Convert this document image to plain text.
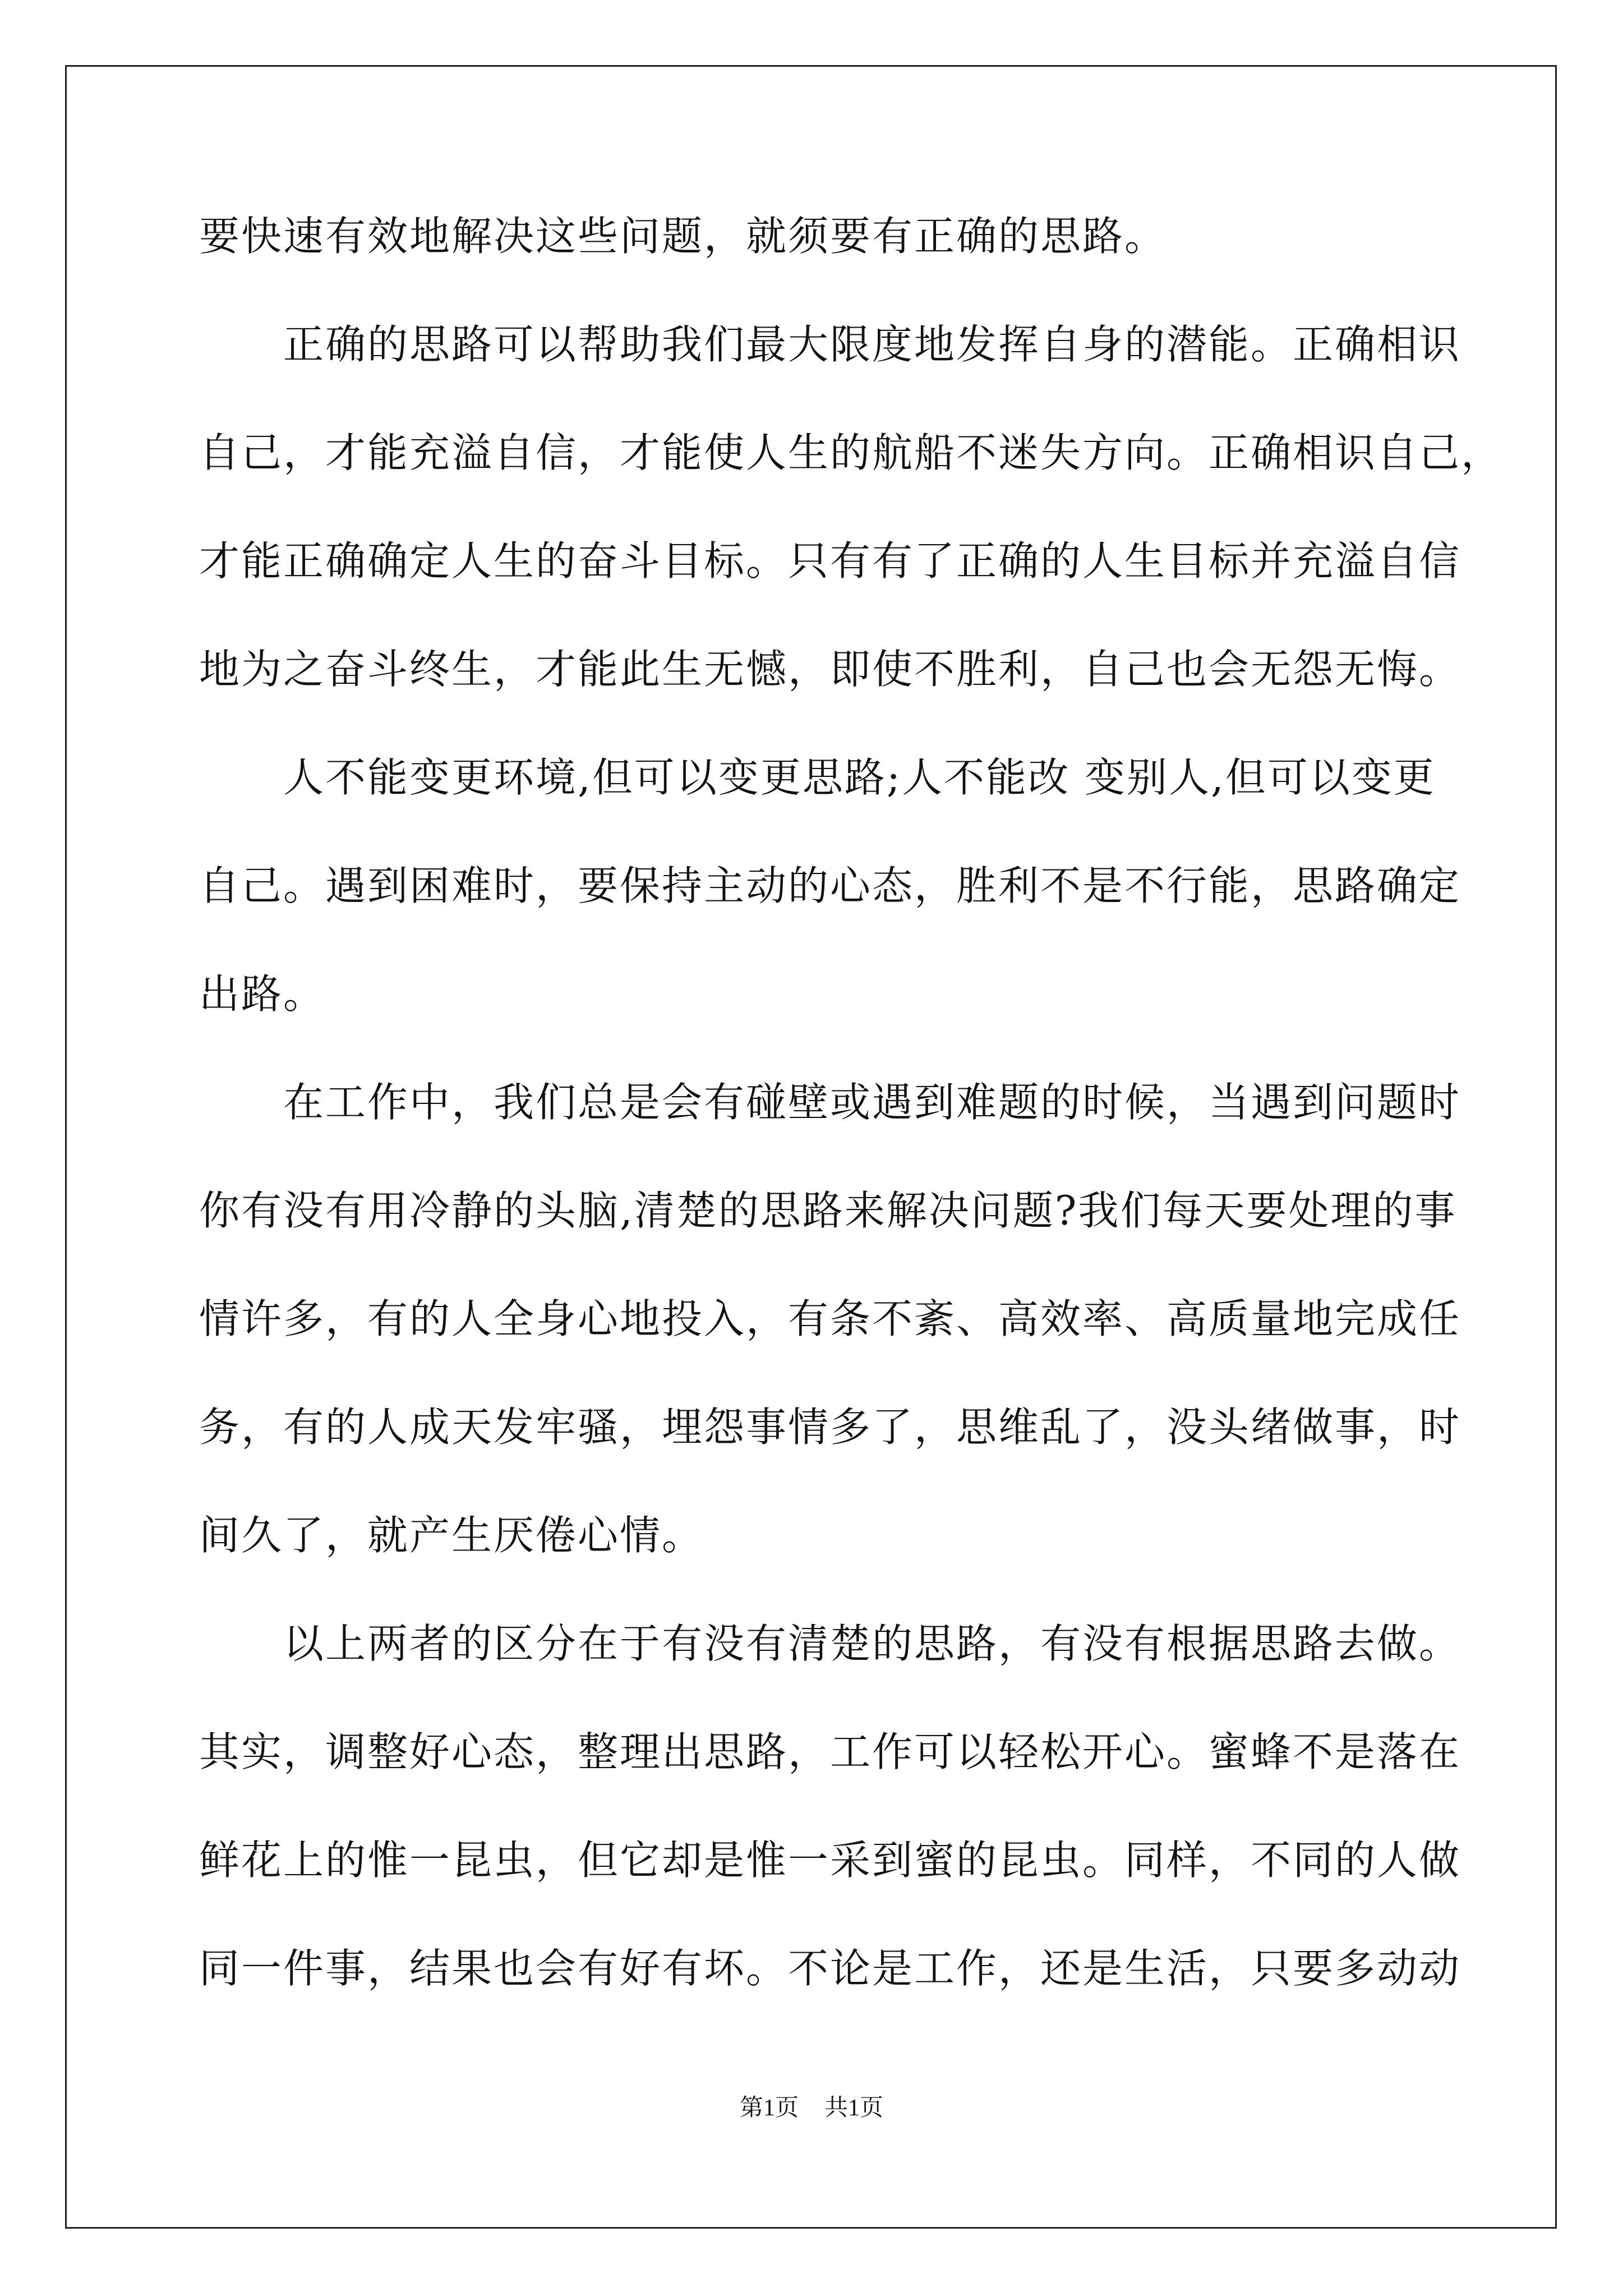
要快速有效地解决这些问题，就须要有正确的思路。
正确的思路可以帮助我们最大限度地发挥自身的潜能。正确相识
自己，才能充溢自信，才能使人生的航船不迷失方向。正确相识自己，
才能正确确定人生的奋斗目标。只有有了正确的人生目标并充溢自信
地为之奋斗终生，才能此生无憾，即使不胜利，自己也会无怨无悔。
人不能变更环境,但可以变更思路;人不能改 变别人,但可以变更
自己。遇到困难时，要保持主动的心态，胜利不是不行能，思路确定
出路。
在工作中，我们总是会有碰壁或遇到难题的时候，当遇到问题时
你有没有用冷静的头脑,清楚的思路来解决问题?我们每天要处理的事
情许多，有的人全身心地投入，有条不紊、高效率、高质量地完成任
务，有的人成天发牢骚，埋怨事情多了，思维乱了，没头绪做事，时
间久了，就产生厌倦心情。
以上两者的区分在于有没有清楚的思路，有没有根据思路去做。
其实，调整好心态，整理出思路，工作可以轻松开心。蜜蜂不是落在
鲜花上的惟一昆虫，但它却是惟一采到蜜的昆虫。同样，不同的人做
同一件事，结果也会有好有坏。不论是工作，还是生活，只要多动动
第1页 共1页
